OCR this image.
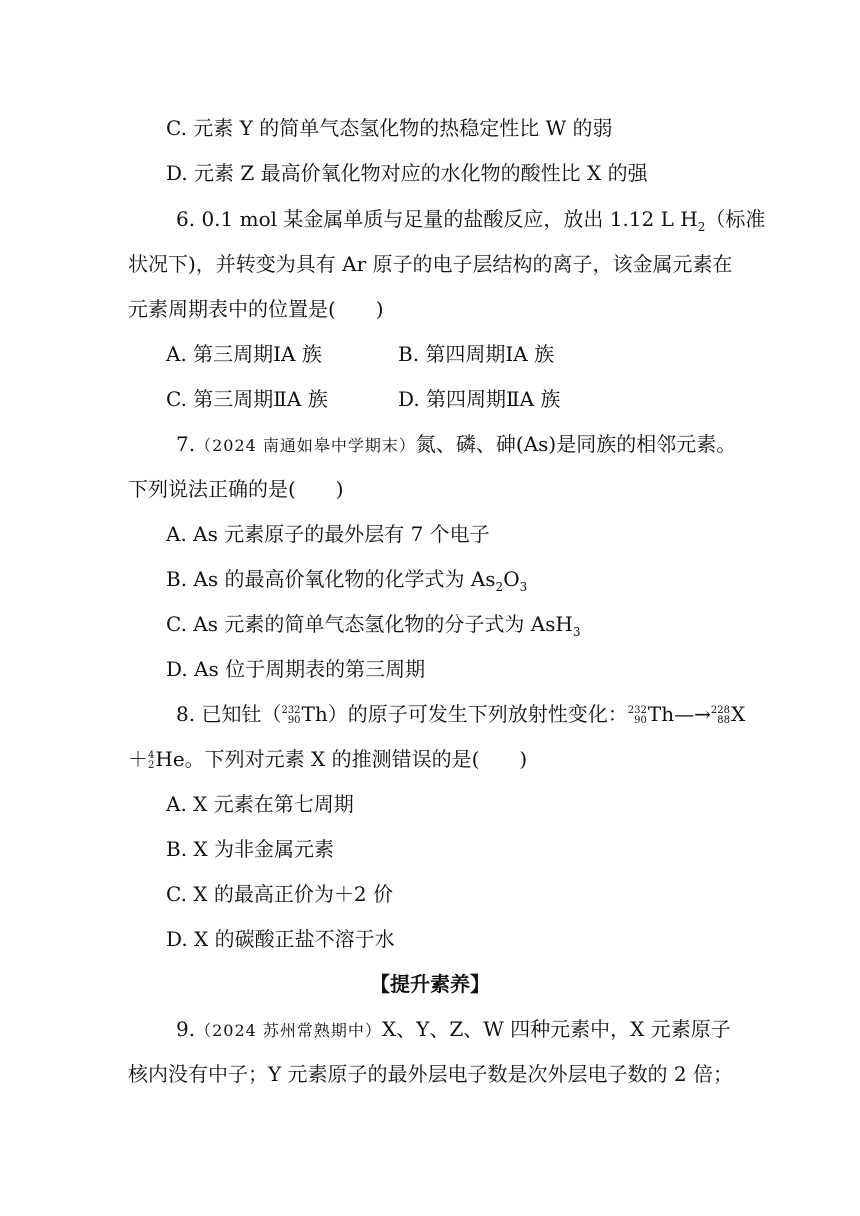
C. 元素 Y 的简单气态氢化物的热稳定性比 W 的弱
D. 元素 Z 最高价氧化物对应的水化物的酸性比 X 的强
6. 0.1 mol 某金属单质与足量的盐酸反应，放出 1.12 L $H_2$（标准
状况下)，并转变为具有 Ar 原子的电子层结构的离子，该金属元素在
元素周期表中的位置是(　　)
A. 第三周期ⅠA 族	B. 第四周期ⅠA 族
C. 第三周期ⅡA 族	D. 第四周期ⅡA 族
7.（2024 南通如皋中学期末）氮、磷、砷(As)是同族的相邻元素。
下列说法正确的是(　　)
A. As 元素原子的最外层有 7 个电子
B. As 的最高价氧化物的化学式为 $As_2O_3$
C. As 元素的简单气态氢化物的分子式为 AsH$_3$
D. As 位于周期表的第三周期
8. 已知钍（ 232
90 Th）的原子可发生下列放射性变化： 232
90 Th—→ 228
88 X
＋ 4
2 He。下列对元素 X 的推测错误的是(　　)
A. X 元素在第七周期
B. X 为非金属元素
C. X 的最高正价为＋2 价
D. X 的碳酸正盐不溶于水
【提升素养】
9.（2024 苏州常熟期中）X、Y、Z、W 四种元素中，X 元素原子
核内没有中子；Y 元素原子的最外层电子数是次外层电子数的 2 倍；
